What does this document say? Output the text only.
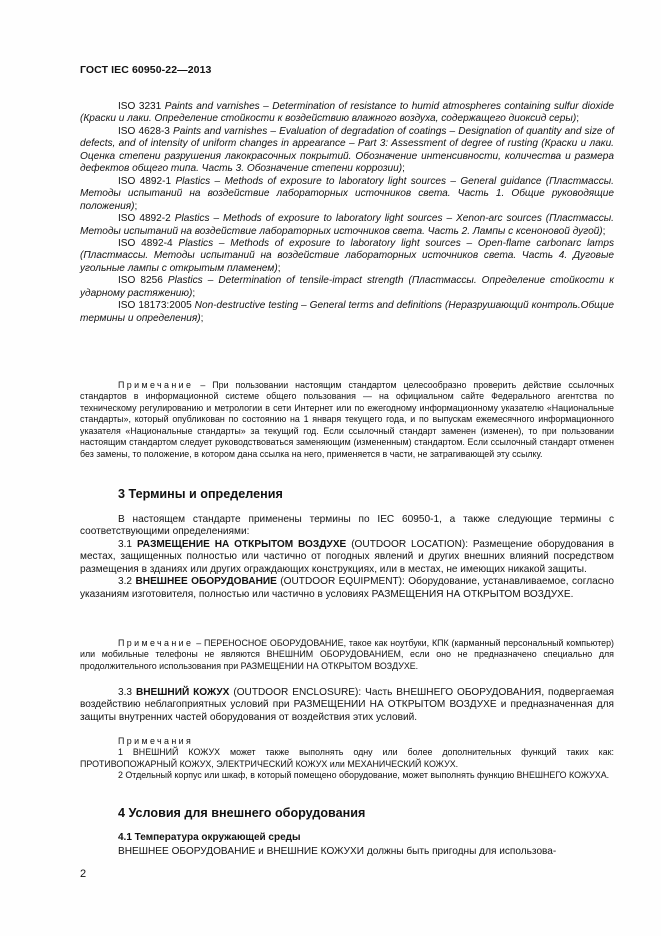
ГОСТ IEC 60950-22—2013

ISO 3231 Paints and varnishes – Determination of resistance to humid atmospheres containing sulfur dioxide (Краски и лаки. Определение стойкости к воздействию влажного воздуха, содержащего диоксид серы);

ISO 4628-3 Paints and varnishes – Evaluation of degradation of coatings – Designation of quantity and size of defects, and of intensity of uniform changes in appearance – Part 3: Assessment of degree of rusting (Краски и лаки. Оценка степени разрушения лакокрасочных покрытий. Обозначение интенсивности, количества и размера дефектов общего типа. Часть 3. Обозначение степени коррозии);

ISO 4892-1 Plastics – Methods of exposure to laboratory light sources – General guidance (Пластмассы. Методы испытаний на воздействие лабораторных источников света. Часть 1. Общие руководящие положения);

ISO 4892-2 Plastics – Methods of exposure to laboratory light sources – Xenon-arc sources (Пластмассы. Методы испытаний на воздействие лабораторных источников света. Часть 2. Лампы с ксеноновой дугой);

ISO 4892-4 Plastics – Methods of exposure to laboratory light sources – Open-flame carbonarc lamps (Пластмассы. Методы испытаний на воздействие лабораторных источников света. Часть 4. Дуговые угольные лампы с открытым пламенем);

ISO 8256 Plastics – Determination of tensile-impact strength (Пластмассы. Определение стойкости к ударному растяжению);

ISO 18173:2005 Non-destructive testing – General terms and definitions (Неразрушающий контроль.Общие термины и определения);

Примечание – При пользовании настоящим стандартом целесообразно проверить действие ссылочных стандартов в информационной системе общего пользования — на официальном сайте Федерального агентства по техническому регулированию и метрологии в сети Интернет или по ежегодному информационному указателю «Национальные стандарты», который опубликован по состоянию на 1 января текущего года, и по выпускам ежемесячного информационного указателя «Национальные стандарты» за текущий год. Если ссылочный стандарт заменен (изменен), то при пользовании настоящим стандартом следует руководствоваться заменяющим (измененным) стандартом. Если ссылочный стандарт отменен без замены, то положение, в котором дана ссылка на него, применяется в части, не затрагивающей эту ссылку.

3 Термины и определения

В настоящем стандарте применены термины по IEC 60950-1, а также следующие термины с соответствующими определениями:

3.1 РАЗМЕЩЕНИЕ НА ОТКРЫТОМ ВОЗДУХЕ (OUTDOOR LOCATION): Размещение оборудования в местах, защищенных полностью или частично от погодных явлений и других внешних влияний посредством размещения в зданиях или других ограждающих конструкциях, или в местах, не имеющих никакой защиты.

3.2 ВНЕШНЕЕ ОБОРУДОВАНИЕ (OUTDOOR EQUIPMENT): Оборудование, устанавливаемое, согласно указаниям изготовителя, полностью или частично в условиях РАЗМЕЩЕНИЯ НА ОТКРЫТОМ ВОЗДУХЕ.

Примечание – ПЕРЕНОСНОЕ ОБОРУДОВАНИЕ, такое как ноутбуки, КПК (карманный персональный компьютер) или мобильные телефоны не являются ВНЕШНИМ ОБОРУДОВАНИЕМ, если оно не предназначено специально для продолжительного использования при РАЗМЕЩЕНИИ НА ОТКРЫТОМ ВОЗДУХЕ.

3.3 ВНЕШНИЙ КОЖУХ (OUTDOOR ENCLOSURE): Часть ВНЕШНЕГО ОБОРУДОВАНИЯ, подвергаемая воздействию неблагоприятных условий при РАЗМЕЩЕНИИ НА ОТКРЫТОМ ВОЗДУХЕ и предназначенная для защиты внутренних частей оборудования от воздействия этих условий.

Примечания

1 ВНЕШНИЙ КОЖУХ может также выполнять одну или более дополнительных функций таких как: ПРОТИВОПОЖАРНЫЙ КОЖУХ, ЭЛЕКТРИЧЕСКИЙ КОЖУХ или МЕХАНИЧЕСКИЙ КОЖУХ.

2 Отдельный корпус или шкаф, в который помещено оборудование, может выполнять функцию ВНЕШНЕГО КОЖУХА.

4 Условия для внешнего оборудования
4.1 Температура окружающей среды

ВНЕШНЕЕ ОБОРУДОВАНИЕ и ВНЕШНИЕ КОЖУХИ должны быть пригодны для использова-

2
